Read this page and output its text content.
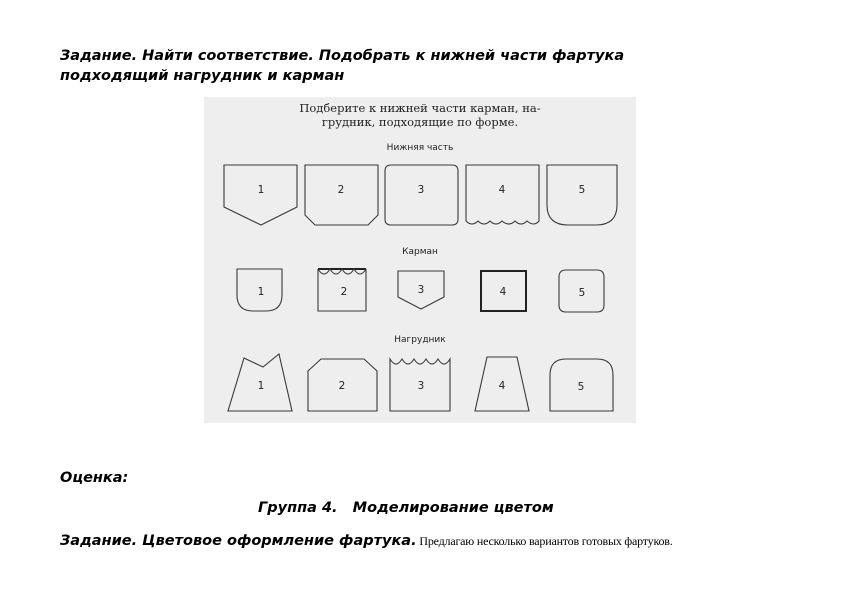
Задание. Найти соответствие. Подобрать к нижней части фартука
подходящий нагрудник и карман
Подберите к нижней части карман, на-
грудник, подходящие по форме.
Нижняя часть
1	2	3	4	5
Карман
1	2	3	4	5
Нагрудник
1	2	3	4	5
Оценка:
Группа 4.   Моделирование цветом
Задание. Цветовое оформление фартука. Предлагаю несколько вариантов готовых фартуков.
